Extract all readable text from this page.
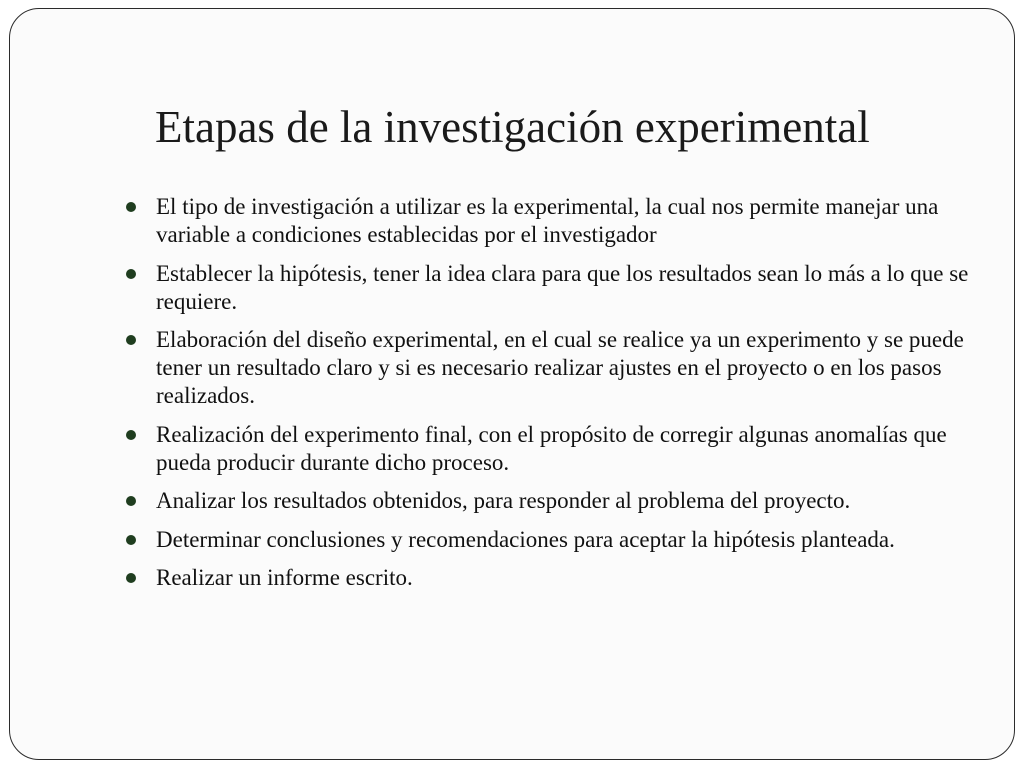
Etapas de la investigación experimental
El tipo de investigación a utilizar es la experimental, la cual nos permite manejar una variable a condiciones establecidas por el investigador
Establecer la hipótesis, tener la idea clara para que los resultados sean lo más a lo que se requiere.
Elaboración del diseño experimental, en el cual se realice ya un experimento y se puede tener un resultado claro y si es necesario realizar ajustes en el proyecto o en los pasos realizados.
Realización del experimento final, con el propósito de corregir algunas anomalías que pueda producir durante dicho proceso.
Analizar los resultados obtenidos, para responder al problema del proyecto.
Determinar conclusiones y recomendaciones para aceptar la hipótesis planteada.
Realizar un informe escrito.
